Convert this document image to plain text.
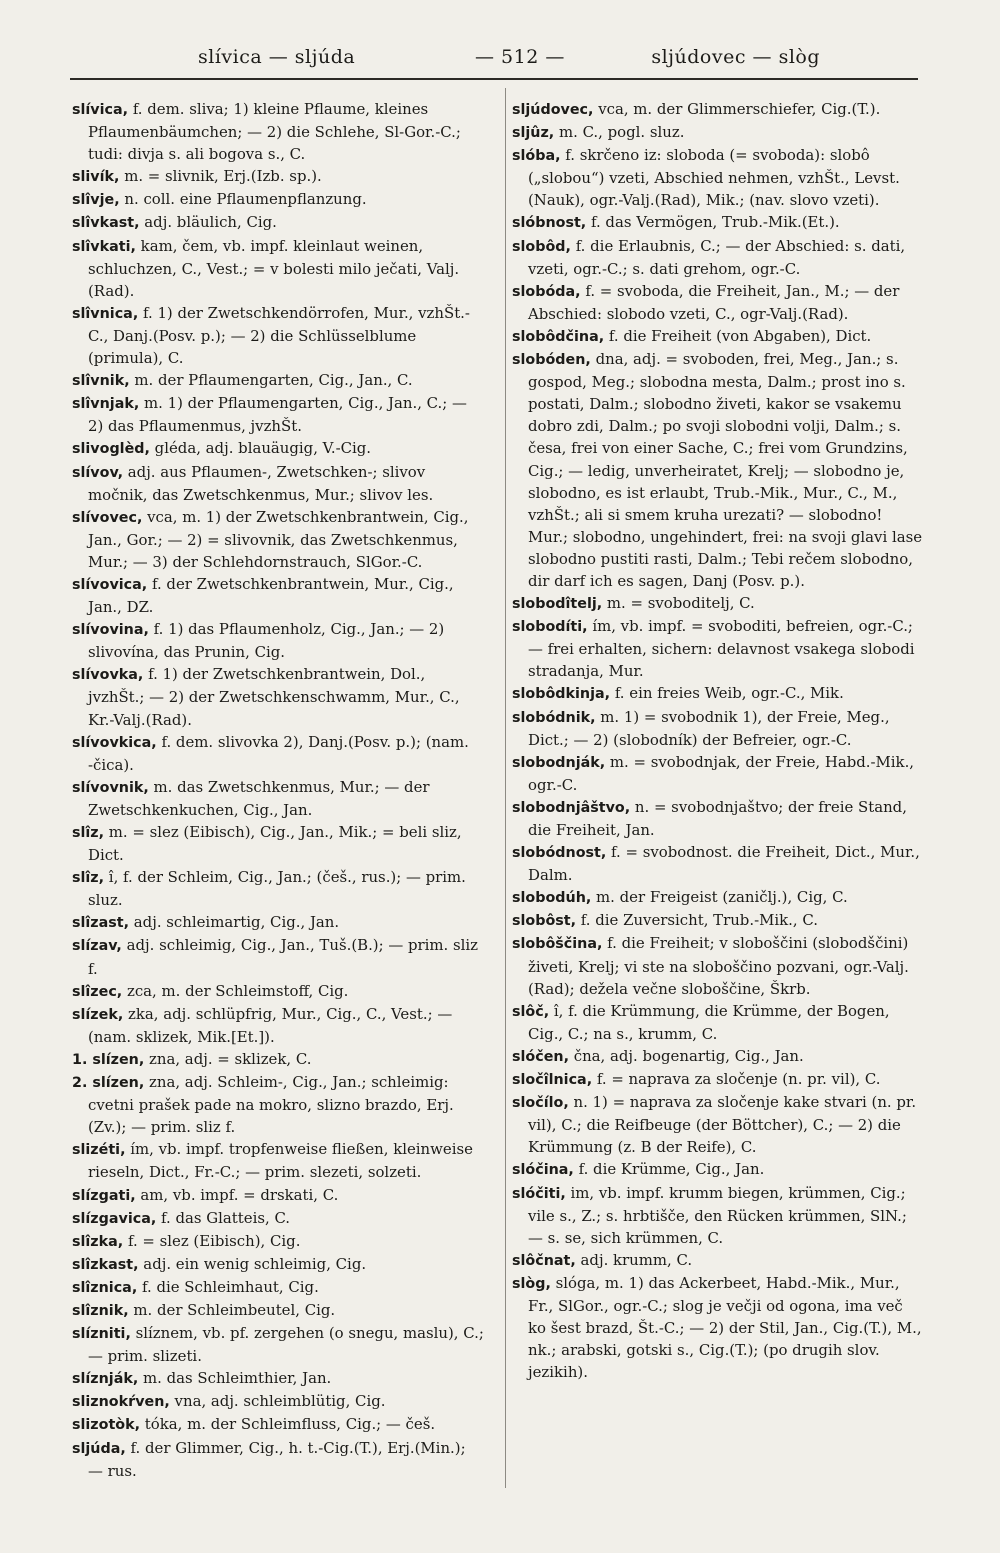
slívica — sljúda	— 512 —	sljúdovec — slòg

slívica, f. dem. sliva; 1) kleine Pflaume, kleines Pflaumenbäumchen; — 2) die Schlehe, Sl-Gor.-C.; tudi: divja s. ali bogova s., C.

slivík, m. = slivnik, Erj.(Izb. sp.).

slîvje, n. coll. eine Pflaumenpflanzung.

slîvkast, adj. bläulich, Cig.

slîvkati, kam, čem, vb. impf. kleinlaut weinen, schluchzen, C., Vest.; = v bolesti milo ječati, Valj.(Rad).

slîvnica, f. 1) der Zwetschkendörrofen, Mur., vzhŠt.-C., Danj.(Posv. p.); — 2) die Schlüsselblume (primula), C.

slîvnik, m. der Pflaumengarten, Cig., Jan., C.

slîvnjak, m. 1) der Pflaumengarten, Cig., Jan., C.; — 2) das Pflaumenmus, jvzhŠt.

slivoglèd, gléda, adj. blauäugig, V.-Cig.

slívov, adj. aus Pflaumen-, Zwetschken-; slivov močnik, das Zwetschkenmus, Mur.; slivov les.

slívovec, vca, m. 1) der Zwetschkenbrantwein, Cig., Jan., Gor.; — 2) = slivovnik, das Zwetschkenmus, Mur.; — 3) der Schlehdornstrauch, SlGor.-C.

slívovica, f. der Zwetschkenbrantwein, Mur., Cig., Jan., DZ.

slívovina, f. 1) das Pflaumenholz, Cig., Jan.; — 2) slivovína, das Prunin, Cig.

slívovka, f. 1) der Zwetschkenbrantwein, Dol., jvzhŠt.; — 2) der Zwetschkenschwamm, Mur., C., Kr.-Valj.(Rad).

slívovkica, f. dem. slivovka 2), Danj.(Posv. p.); (nam. -čica).

slívovnik, m. das Zwetschkenmus, Mur.; — der Zwetschkenkuchen, Cig., Jan.

slîz, m. = slez (Eibisch), Cig., Jan., Mik.; = beli sliz, Dict.

slîz, î, f. der Schleim, Cig., Jan.; (češ., rus.); — prim. sluz.

slîzast, adj. schleimartig, Cig., Jan.

slízav, adj. schleimig, Cig., Jan., Tuš.(B.); — prim. sliz f.

slîzec, zca, m. der Schleimstoff, Cig.

slízek, zka, adj. schlüpfrig, Mur., Cig., C., Vest.; — (nam. sklizek, Mik.[Et.]).

1. slízen, zna, adj. = sklizek, C.

2. slízen, zna, adj. Schleim-, Cig., Jan.; schleimig: cvetni prašek pade na mokro, slizno brazdo, Erj.(Zv.); — prim. sliz f.

slizéti, ím, vb. impf. tropfenweise fließen, kleinweise rieseln, Dict., Fr.-C.; — prim. slezeti, solzeti.

slízgati, am, vb. impf. = drskati, C.

slízgavica, f. das Glatteis, C.

slîzka, f. = slez (Eibisch), Cig.

slîzkast, adj. ein wenig schleimig, Cig.

slîznica, f. die Schleimhaut, Cig.

slîznik, m. der Schleimbeutel, Cig.

slízniti, slíznem, vb. pf. zergehen (o snegu, maslu), C.; — prim. slizeti.

slíznják, m. das Schleimthier, Jan.

sliznokŕven, vna, adj. schleimblütig, Cig.

slizotòk, tóka, m. der Schleimfluss, Cig.; — češ.

sljúda, f. der Glimmer, Cig., h. t.-Cig.(T.), Erj.(Min.); — rus.

sljúdovec, vca, m. der Glimmerschiefer, Cig.(T.).

sljûz, m. C., pogl. sluz.

slóba, f. skrčeno iz: sloboda (= svoboda): slobô („slobou“) vzeti, Abschied nehmen, vzhŠt., Levst.(Nauk), ogr.-Valj.(Rad), Mik.; (nav. slovo vzeti).

slóbnost, f. das Vermögen, Trub.-Mik.(Et.).

slobôd, f. die Erlaubnis, C.; — der Abschied: s. dati, vzeti, ogr.-C.; s. dati grehom, ogr.-C.

slobóda, f. = svoboda, die Freiheit, Jan., M.; — der Abschied: slobodo vzeti, C., ogr-Valj.(Rad).

slobôdčina, f. die Freiheit (von Abgaben), Dict.

slobóden, dna, adj. = svoboden, frei, Meg., Jan.; s. gospod, Meg.; slobodna mesta, Dalm.; prost ino s. postati, Dalm.; slobodno živeti, kakor se vsakemu dobro zdi, Dalm.; po svoji slobodni volji, Dalm.; s. česa, frei von einer Sache, C.; frei vom Grundzins, Cig.; — ledig, unverheiratet, Krelj; — slobodno je, slobodno, es ist erlaubt, Trub.-Mik., Mur., C., M., vzhŠt.; ali si smem kruha urezati? — slobodno! Mur.; slobodno, ungehindert, frei: na svoji glavi lase slobodno pustiti rasti, Dalm.; Tebi rečem slobodno, dir darf ich es sagen, Danj (Posv. p.).

slobodîtelj, m. = svoboditelj, C.

slobodíti, ím, vb. impf. = svoboditi, befreien, ogr.-C.; — frei erhalten, sichern: delavnost vsakega slobodi stradanja, Mur.

slobôdkinja, f. ein freies Weib, ogr.-C., Mik.

slobódnik, m. 1) = svobodnik 1), der Freie, Meg., Dict.; — 2) (slobodník) der Befreier, ogr.-C.

slobodnják, m. = svobodnjak, der Freie, Habd.-Mik., ogr.-C.

slobodnjâštvo, n. = svobodnjaštvo; der freie Stand, die Freiheit, Jan.

slobódnost, f. = svobodnost. die Freiheit, Dict., Mur., Dalm.

slobodúh, m. der Freigeist (zaničlj.), Cig, C.

slobôst, f. die Zuversicht, Trub.-Mik., C.

slobôščina, f. die Freiheit; v sloboščini (slobodščini) živeti, Krelj; vi ste na sloboščino pozvani, ogr.-Valj.(Rad); dežela večne sloboščine, Škrb.

slôč, î, f. die Krümmung, die Krümme, der Bogen, Cig., C.; na s., krumm, C.

slóčen, čna, adj. bogenartig, Cig., Jan.

sločîlnica, f. = naprava za sločenje (n. pr. vil), C.

sločílo, n. 1) = naprava za sločenje kake stvari (n. pr. vil), C.; die Reifbeuge (der Böttcher), C.; — 2) die Krümmung (z. B der Reife), C.

slóčina, f. die Krümme, Cig., Jan.

slóčiti, im, vb. impf. krumm biegen, krümmen, Cig.; vile s., Z.; s. hrbtišče, den Rücken krümmen, SlN.; — s. se, sich krümmen, C.

slôčnat, adj. krumm, C.

slòg, slóga, m. 1) das Ackerbeet, Habd.-Mik., Mur., Fr., SlGor., ogr.-C.; slog je večji od ogona, ima več ko šest brazd, Št.-C.; — 2) der Stil, Jan., Cig.(T.), M., nk.; arabski, gotski s., Cig.(T.); (po drugih slov. jezikih).
